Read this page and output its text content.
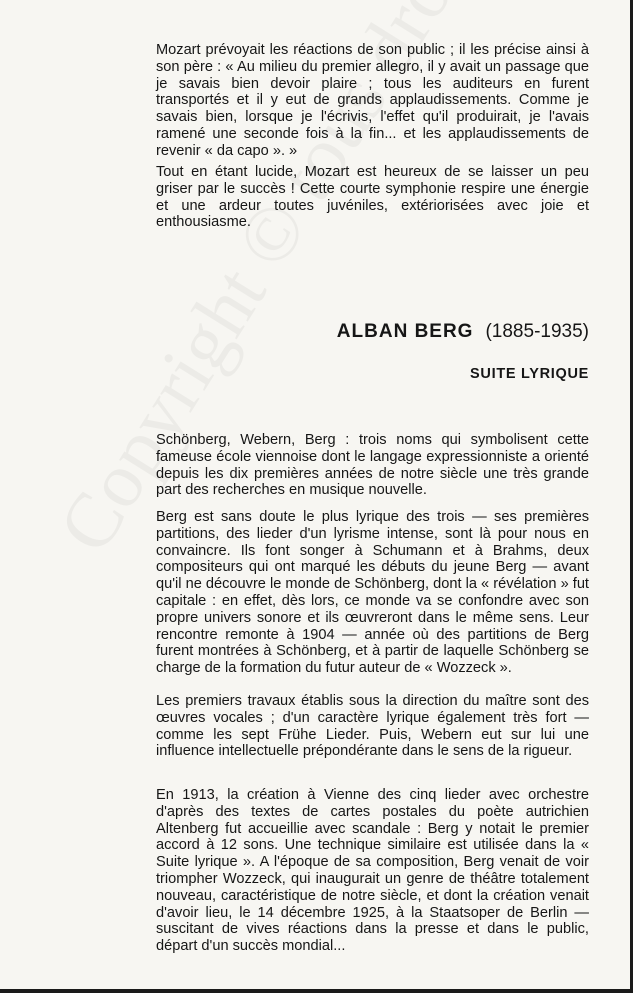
Mozart prévoyait les réactions de son public ; il les précise ainsi à son père : « Au milieu du premier allegro, il y avait un passage que je savais bien devoir plaire ; tous les auditeurs en furent transportés et il y eut de grands applaudissements. Comme je savais bien, lorsque je l'écrivis, l'effet qu'il produirait, je l'avais ramené une seconde fois à la fin... et les applaudissements de revenir « da capo ». »

Tout en étant lucide, Mozart est heureux de se laisser un peu griser par le succès ! Cette courte symphonie respire une énergie et une ardeur toutes juvéniles, extériorisées avec joie et enthousiasme.

ALBAN BERG (1885-1935)
SUITE LYRIQUE

Schönberg, Webern, Berg : trois noms qui symbolisent cette fameuse école viennoise dont le langage expressionniste a orienté depuis les dix premières années de notre siècle une très grande part des recherches en musique nouvelle.

Berg est sans doute le plus lyrique des trois — ses premières partitions, des lieder d'un lyrisme intense, sont là pour nous en convaincre. Ils font songer à Schumann et à Brahms, deux compositeurs qui ont marqué les débuts du jeune Berg — avant qu'il ne découvre le monde de Schönberg, dont la « révélation » fut capitale : en effet, dès lors, ce monde va se confondre avec son propre univers sonore et ils œuvreront dans le même sens. Leur rencontre remonte à 1904 — année où des partitions de Berg furent montrées à Schönberg, et à partir de laquelle Schönberg se charge de la formation du futur auteur de « Wozzeck ».

Les premiers travaux établis sous la direction du maître sont des œuvres vocales ; d'un caractère lyrique également très fort — comme les sept Frühe Lieder. Puis, Webern eut sur lui une influence intellectuelle prépondérante dans le sens de la rigueur.

En 1913, la création à Vienne des cinq lieder avec orchestre d'après des textes de cartes postales du poète autrichien Altenberg fut accueillie avec scandale : Berg y notait le premier accord à 12 sons. Une technique similaire est utilisée dans la « Suite lyrique ». A l'époque de sa composition, Berg venait de voir triompher Wozzeck, qui inaugurait un genre de théâtre totalement nouveau, caractéristique de notre siècle, et dont la création venait d'avoir lieu, le 14 décembre 1925, à la Staatsoper de Berlin — suscitant de vives réactions dans la presse et dans le public, départ d'un succès mondial...
